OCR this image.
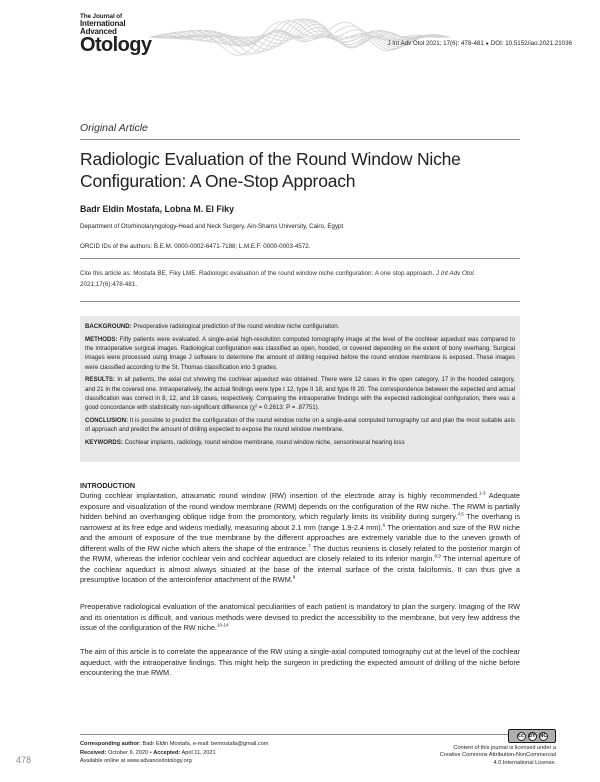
The Journal of
International
Advanced
Otology	J Int Adv Otol 2021; 17(6): 478-481 ● DOI: 10.5152/iao.2021.21036
Original Article
Radiologic Evaluation of the Round Window Niche
Configuration: A One-Stop Approach
Badr Eldin Mostafa, Lobna M. El Fiky
Department of Otorhinolaryngology-Head and Neck Surgery, Ain-Shams University, Cairo, Egypt
ORCID IDs of the authors: B.E.M. 0000-0002-6471-7188; L.M.E.F. 0000-0003-4572.
Cite this article as: Mostafa BE, Fiky LME. Radiologic evaluation of the round window niche configuration: A one stop approach. J Int Adv Otol.
2021;17(6):478-481.

BACKGROUND: Preoperative radiological prediction of the round window niche configuration.

METHODS: Fifty patients were evaluated. A single-axial high-resolution computed tomography image at the level of the cochlear aqueduct was compared to the intraoperative surgical images. Radiological configuration was classified as open, hooded, or covered depending on the extent of bony overhang. Surgical images were processed using Image J software to determine the amount of drilling required before the round window membrane is exposed. These images were classified according to the St. Thomas classification into 3 grades.

RESULTS: In all patients, the axial cut showing the cochlear aqueduct was obtained. There were 12 cases in the open category, 17 in the hooded category, and 21 in the covered one. Intraoperatively, the actual findings were type I 12, type II 18, and type III 20. The correspondence between the expected and actual classification was correct in 8, 12, and 18 cases, respectively. Comparing the intraoperative findings with the expected radiological configuration, there was a good concordance with statistically non-significant difference (χ² = 0.2613; P = .87751).

CONCLUSION: It is possible to predict the configuration of the round window niche on a single-axial computed tomography cut and plan the most suitable axis of approach and predict the amount of drilling expected to expose the round window membrane.

KEYWORDS: Cochlear implants, radiology, round window membrane, round window niche, sensorineural hearing loss

INTRODUCTION
During cochlear implantation, atraumatic round window (RW) insertion of the electrode array is highly recommended.$^{1-3}$ Adequate exposure and visualization of the round window membrane (RWM) depends on the configuration of the RW niche. The RWM is partially hidden behind an overhanging oblique ridge from the promontory, which regularly limits its visibility during surgery.$^{4,5}$ The overhang is narrowest at its free edge and widens medially, measuring about 2.1 mm (range 1.9-2.4 mm).$^6$ The orientation and size of the RW niche and the amount of exposure of the true membrane by the different approaches are extremely variable due to the uneven growth of different walls of the RW niche which alters the shape of the entrance.$^7$ The ductus reuniens is closely related to the posterior margin of the RWM, whereas the inferior cochlear vein and cochlear aqueduct are closely related to its inferior margin.$^{8,9}$ The internal aperture of the cochlear aqueduct is almost always situated at the base of the internal surface of the crista falciformis. It can thus give a presumptive location of the anteroinferior attachment of the RWM.$^9$
Preoperative radiological evaluation of the anatomical peculiarities of each patient is mandatory to plan the surgery. Imaging of the RW and its orientation is difficult, and various methods were devised to predict the accessibility to the membrane, but very few address the issue of the configuration of the RW niche.$^{10-14}$
The aim of this article is to correlate the appearance of the RW using a single-axial computed tomography cut at the level of the cochlear aqueduct, with the intraoperative findings. This might help the surgeon in predicting the expected amount of drilling of the niche before encountering the true RWM.
Corresponding author: Badr Eldin Mostafa, e-mail: bemostafa@gmail.com
Received: October 9, 2020 • Accepted: April 11, 2021
Available online at www.advancedotology.org
478
cc BY NC
Content of this journal is licensed under a
Creative Commons Attribution-NonCommercial
4.0 International License.
